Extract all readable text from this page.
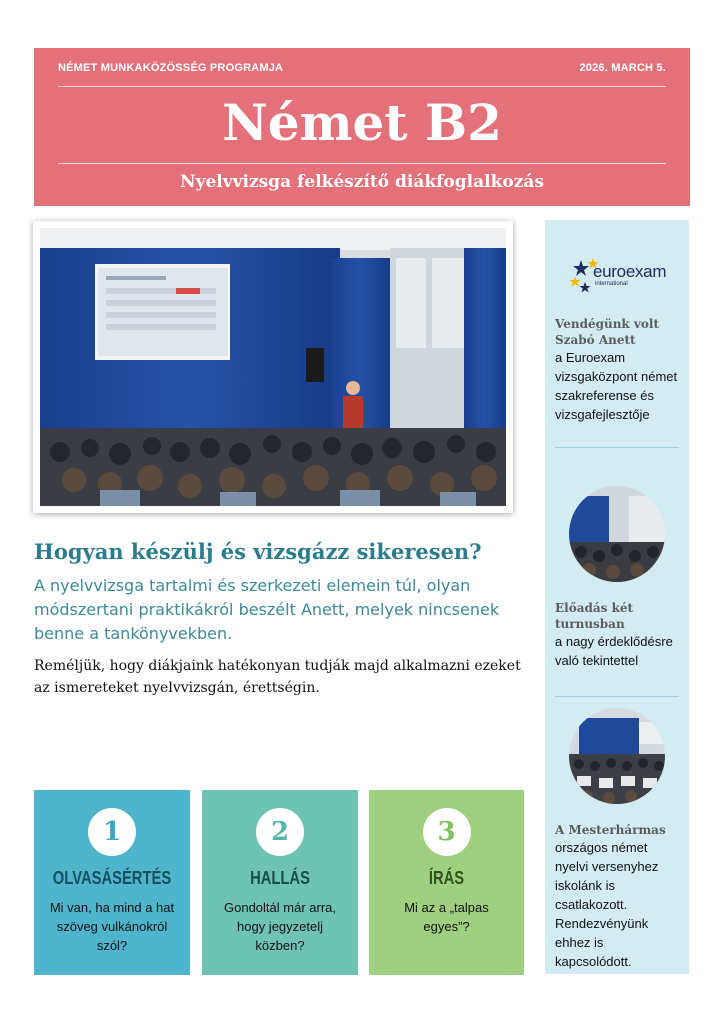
NÉMET MUNKAKÖZÖSSÉG PROGRAMJA	2026. MARCH 5.
Német B2
Nyelvvizsga felkészítő diákfoglalkozás
Hogyan készülj és vizsgázz sikeresen?
A nyelvvizsga tartalmi és szerkezeti elemein túl, olyan módszertani praktikákról beszélt Anett, melyek nincsenek benne a tankönyvekben.
Reméljük, hogy diákjaink hatékonyan tudják majd alkalmazni ezeket az ismereteket nyelvvizsgán, érettségin.
1
OLVASÁSÉRTÉS
Mi van, ha mind a hat szöveg vulkánokról szól?
2
HALLÁS
Gondoltál már arra, hogy jegyzetelj közben?
3
ÍRÁS
Mi az a „talpas egyes”?
euroexam
international
Vendégünk volt Szabó Anett
a Euroexam vizsgaközpont német szakreferense és vizsgafejlesztője
Előadás két turnusban
a nagy érdeklődésre való tekintettel
A Mesterhármas
országos német nyelvi versenyhez iskolánk is csatlakozott. Rendezvényünk ehhez is kapcsolódott.
